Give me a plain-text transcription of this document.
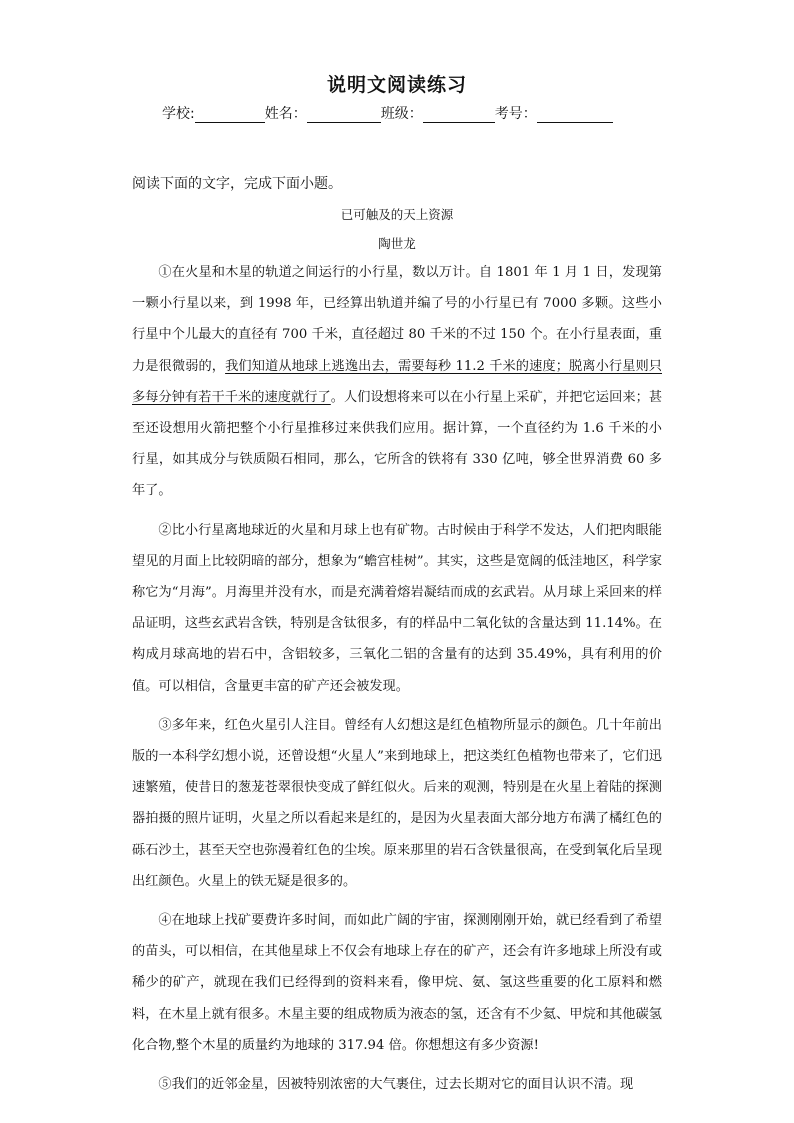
说明文阅读练习
学校:	姓名：	班级：	考号：
阅读下面的文字，完成下面小题。
已可触及的天上资源
陶世龙

①在火星和木星的轨道之间运行的小行星，数以万计。自 1801 年 1 月 1 日，发现第一颗小行星以来，到 1998 年，已经算出轨道并编了号的小行星已有 7000 多颗。这些小行星中个儿最大的直径有 700 千米，直径超过 80 千米的不过 150 个。在小行星表面，重力是很微弱的，我们知道从地球上逃逸出去，需要每秒 11.2 千米的速度；脱离小行星则只多每分钟有若干千米的速度就行了。人们设想将来可以在小行星上采矿，并把它运回来；甚至还设想用火箭把整个小行星推移过来供我们应用。据计算，一个直径约为 1.6 千米的小行星，如其成分与铁质陨石相同，那么，它所含的铁将有 330 亿吨，够全世界消费 60 多年了。

②比小行星离地球近的火星和月球上也有矿物。古时候由于科学不发达，人们把肉眼能望见的月面上比较阴暗的部分，想象为“蟾宫桂树”。其实，这些是宽阔的低洼地区，科学家称它为“月海”。月海里并没有水，而是充满着熔岩凝结而成的玄武岩。从月球上采回来的样品证明，这些玄武岩含铁，特别是含钛很多，有的样品中二氧化钛的含量达到 11.14%。在构成月球高地的岩石中，含铝较多，三氧化二铝的含量有的达到 35.49%，具有利用的价值。可以相信，含量更丰富的矿产还会被发现。

③多年来，红色火星引人注目。曾经有人幻想这是红色植物所显示的颜色。几十年前出版的一本科学幻想小说，还曾设想“火星人”来到地球上，把这类红色植物也带来了，它们迅速繁殖，使昔日的葱茏苍翠很快变成了鲜红似火。后来的观测，特别是在火星上着陆的探测器拍摄的照片证明，火星之所以看起来是红的，是因为火星表面大部分地方布满了橘红色的砾石沙土，甚至天空也弥漫着红色的尘埃。原来那里的岩石含铁量很高，在受到氧化后呈现出红颜色。火星上的铁无疑是很多的。

④在地球上找矿要费许多时间，而如此广阔的宇宙，探测刚刚开始，就已经看到了希望的苗头，可以相信，在其他星球上不仅会有地球上存在的矿产，还会有许多地球上所没有或稀少的矿产，就现在我们已经得到的资料来看，像甲烷、氨、氢这些重要的化工原料和燃料，在木星上就有很多。木星主要的组成物质为液态的氢，还含有不少氦、甲烷和其他碳氢化合物,整个木星的质量约为地球的 317.94 倍。你想想这有多少资源!

⑤我们的近邻金星，因被特别浓密的大气裹住，过去长期对它的面目认识不清。现
